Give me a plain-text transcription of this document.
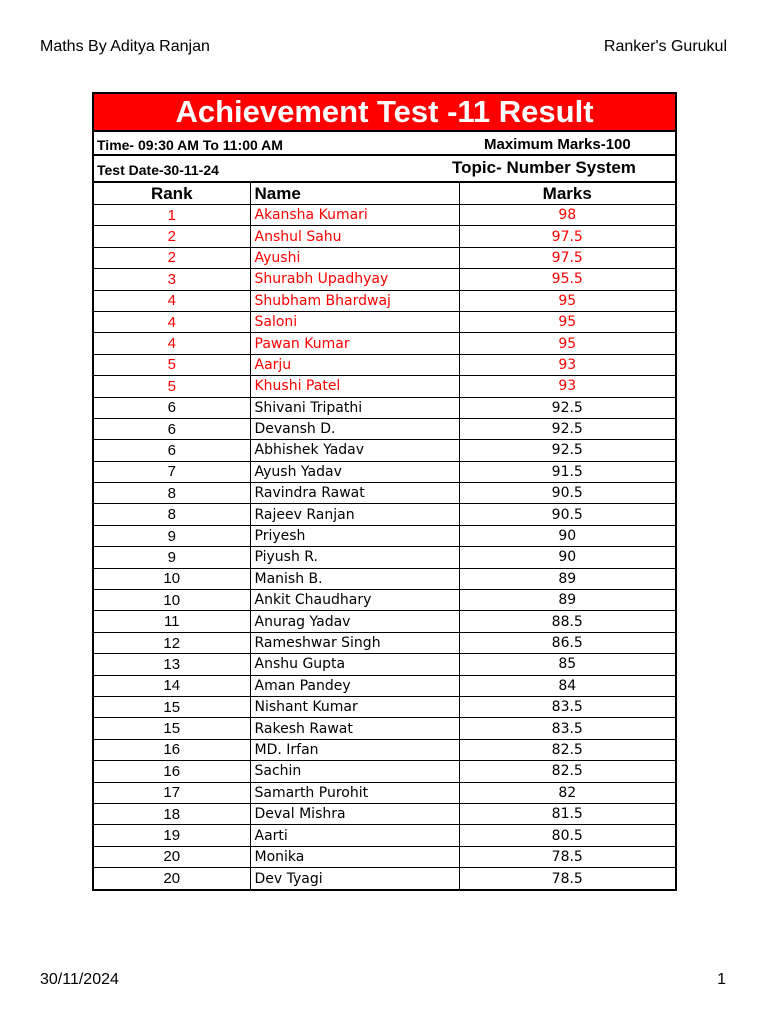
Maths By Aditya Ranjan	Ranker's Gurukul
Achievement Test -11 Result
Time- 09:30 AM To 11:00 AM	Maximum Marks-100
Test Date-30-11-24	Topic- Number System
Rank	Name	Marks
1	Akansha Kumari	98
2	Anshul Sahu	97.5
2	Ayushi	97.5
3	Shurabh Upadhyay	95.5
4	Shubham Bhardwaj	95
4	Saloni	95
4	Pawan Kumar	95
5	Aarju	93
5	Khushi Patel	93
6	Shivani Tripathi	92.5
6	Devansh D.	92.5
6	Abhishek Yadav	92.5
7	Ayush Yadav	91.5
8	Ravindra Rawat	90.5
8	Rajeev Ranjan	90.5
9	Priyesh	90
9	Piyush R.	90
10	Manish B.	89
10	Ankit Chaudhary	89
11	Anurag Yadav	88.5
12	Rameshwar Singh	86.5
13	Anshu Gupta	85
14	Aman Pandey	84
15	Nishant Kumar	83.5
15	Rakesh Rawat	83.5
16	MD. Irfan	82.5
16	Sachin	82.5
17	Samarth Purohit	82
18	Deval Mishra	81.5
19	Aarti	80.5
20	Monika	78.5
20	Dev Tyagi	78.5
30/11/2024	1
